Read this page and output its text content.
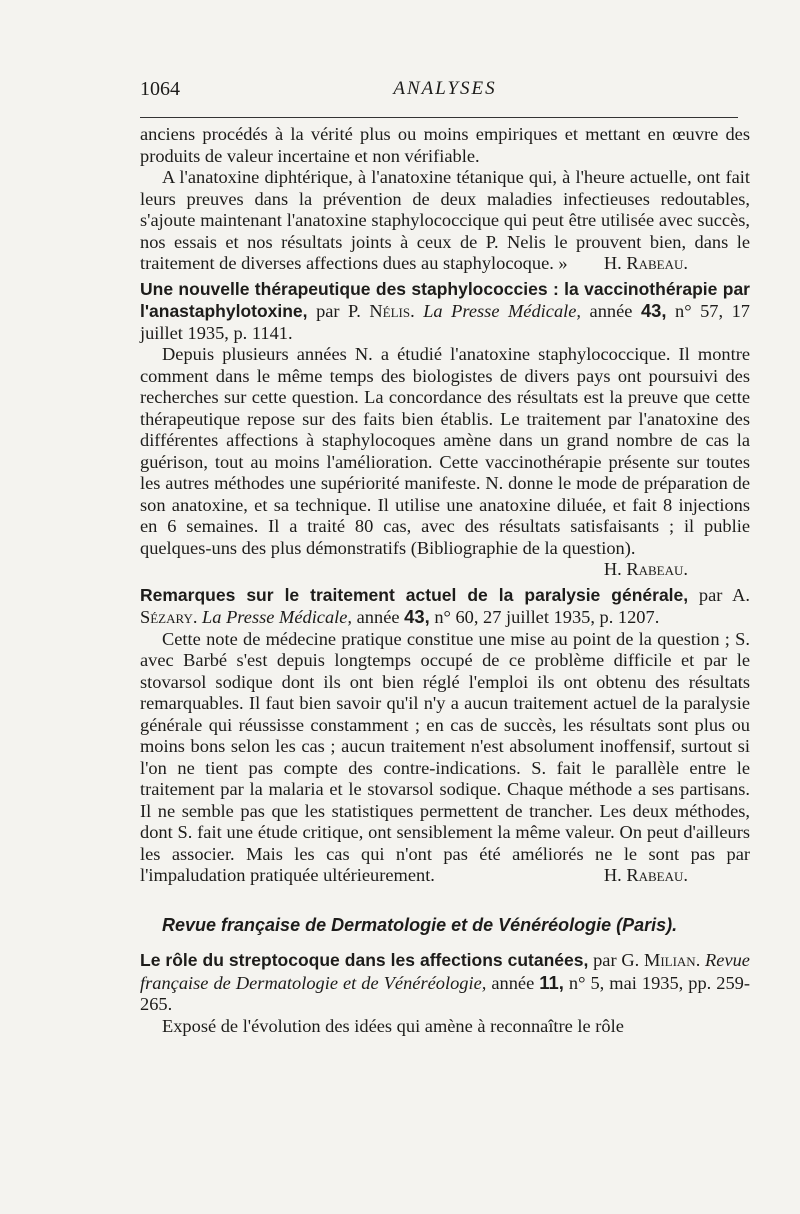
1064	ANALYSES

anciens procédés à la vérité plus ou moins empiriques et mettant en œuvre des produits de valeur incertaine et non vérifiable.

A l'anatoxine diphtérique, à l'anatoxine tétanique qui, à l'heure actuelle, ont fait leurs preuves dans la prévention de deux maladies infectieuses redoutables, s'ajoute maintenant l'anatoxine staphylococcique qui peut être utilisée avec succès, nos essais et nos résultats joints à ceux de P. Nelis le prouvent bien, dans le traitement de diverses affections dues au staphylocoque. »	H. Rabeau.

Une nouvelle thérapeutique des staphylococcies : la vaccinothérapie par l'anastaphylotoxine, par P. Nélis. La Presse Médicale, année 43, n° 57, 17 juillet 1935, p. 1141.

Depuis plusieurs années N. a étudié l'anatoxine staphylococcique. Il montre comment dans le même temps des biologistes de divers pays ont poursuivi des recherches sur cette question. La concordance des résultats est la preuve que cette thérapeutique repose sur des faits bien établis. Le traitement par l'anatoxine des différentes affections à staphylocoques amène dans un grand nombre de cas la guérison, tout au moins l'amélioration. Cette vaccinothérapie présente sur toutes les autres méthodes une supériorité manifeste. N. donne le mode de préparation de son anatoxine, et sa technique. Il utilise une anatoxine diluée, et fait 8 injections en 6 semaines. Il a traité 80 cas, avec des résultats satisfaisants ; il publie quelques-uns des plus démonstratifs (Bibliographie de la question).
H. Rabeau.

Remarques sur le traitement actuel de la paralysie générale, par A. Sézary. La Presse Médicale, année 43, n° 60, 27 juillet 1935, p. 1207.

Cette note de médecine pratique constitue une mise au point de la question ; S. avec Barbé s'est depuis longtemps occupé de ce problème difficile et par le stovarsol sodique dont ils ont bien réglé l'emploi ils ont obtenu des résultats remarquables. Il faut bien savoir qu'il n'y a aucun traitement actuel de la paralysie générale qui réussisse constamment ; en cas de succès, les résultats sont plus ou moins bons selon les cas ; aucun traitement n'est absolument inoffensif, surtout si l'on ne tient pas compte des contre-indications. S. fait le parallèle entre le traitement par la malaria et le stovarsol sodique. Chaque méthode a ses partisans. Il ne semble pas que les statistiques permettent de trancher. Les deux méthodes, dont S. fait une étude critique, ont sensiblement la même valeur. On peut d'ailleurs les associer. Mais les cas qui n'ont pas été améliorés ne le sont pas par l'impaludation pratiquée ultérieurement.	H. Rabeau.

Revue française de Dermatologie et de Vénéréologie (Paris).
Le rôle du streptocoque dans les affections cutanées, par G. Milian. Revue française de Dermatologie et de Vénéréologie, année 11, n° 5, mai 1935, pp. 259-265.

Exposé de l'évolution des idées qui amène à reconnaître le rôle
